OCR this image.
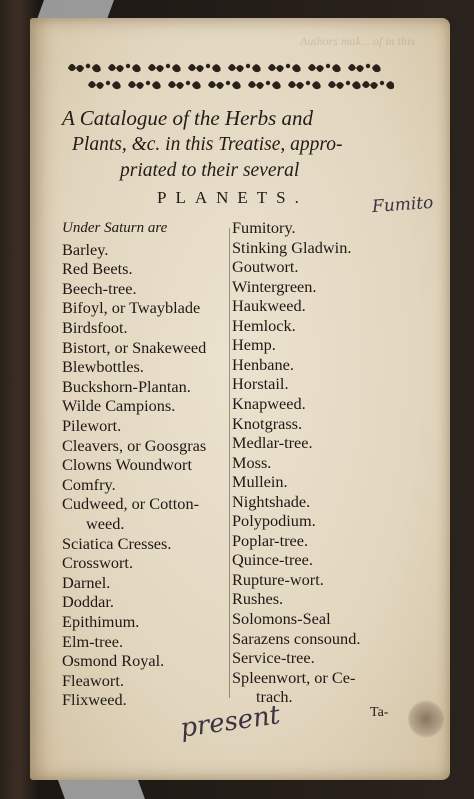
Authors mak... of in this
A Catalogue of the Herbs and
Plants, &c. in this Treatise, appro-
priated to their several
PLANETS.
Under Saturn are
Barley.
Red Beets.
Beech-tree.
Bifoyl, or Twayblade
Birdsfoot.
Bistort, or Snakeweed
Blewbottles.
Buckshorn-Plantan.
Wilde Campions.
Pilewort.
Cleavers, or Goosgras
Clowns Woundwort
Comfry.
Cudweed, or Cotton-
weed.
Sciatica Cresses.
Crosswort.
Darnel.
Doddar.
Epithimum.
Elm-tree.
Osmond Royal.
Fleawort.
Flixweed.
Fumitory.
Stinking Gladwin.
Goutwort.
Wintergreen.
Haukweed.
Hemlock.
Hemp.
Henbane.
Horstail.
Knapweed.
Knotgrass.
Medlar-tree.
Moss.
Mullein.
Nightshade.
Polypodium.
Poplar-tree.
Quince-tree.
Rupture-wort.
Rushes.
Solomons-Seal
Sarazens consound.
Service-tree.
Spleenwort, or Ce-
trach.
Fumito
present	Ta-
